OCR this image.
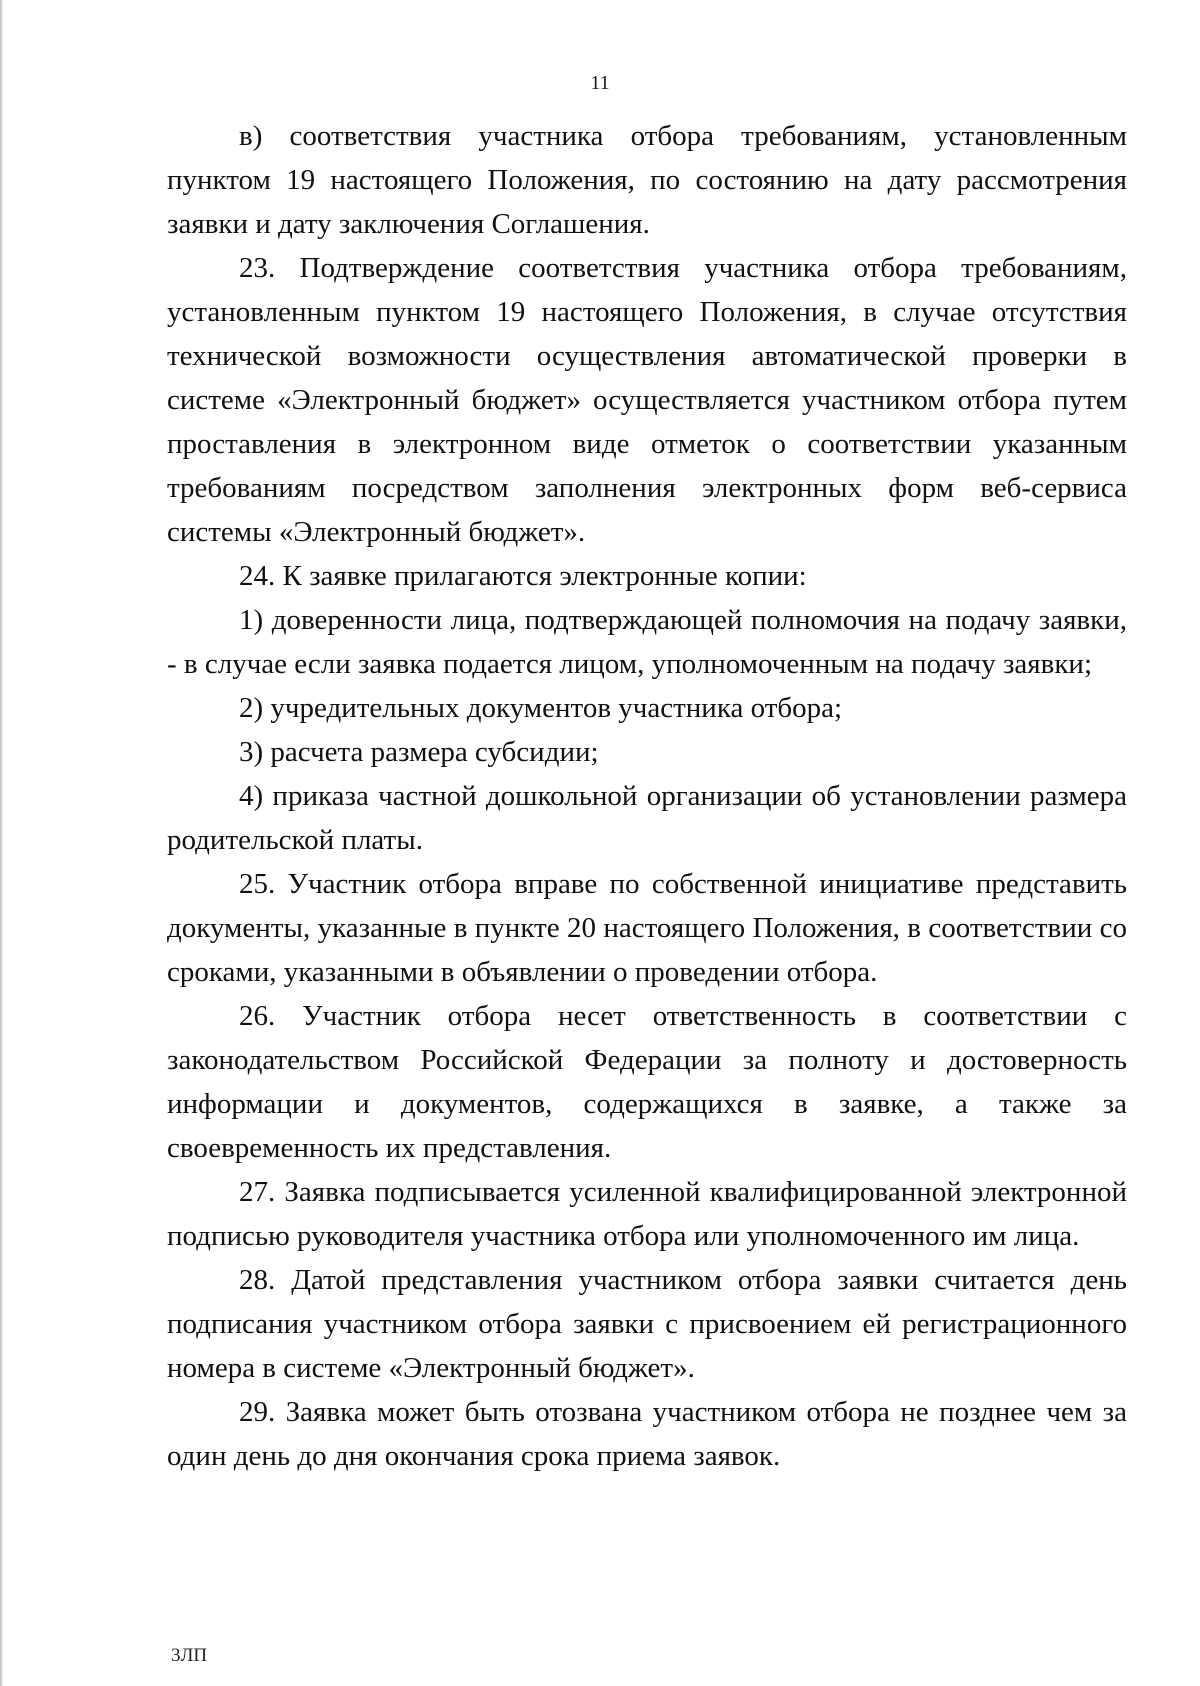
11

в) соответствия участника отбора требованиям, установленным пунктом 19 настоящего Положения, по состоянию на дату рассмотрения заявки и дату заключения Соглашения.

23. Подтверждение соответствия участника отбора требованиям, установленным пунктом 19 настоящего Положения, в случае отсутствия технической возможности осуществления автоматической проверки в системе «Электронный бюджет» осуществляется участником отбора путем проставления в электронном виде отметок о соответствии указанным требованиям посредством заполнения электронных форм веб-сервиса системы «Электронный бюджет».

24. К заявке прилагаются электронные копии:

1) доверенности лица, подтверждающей полномочия на подачу заявки, - в случае если заявка подается лицом, уполномоченным на подачу заявки;

2) учредительных документов участника отбора;

3) расчета размера субсидии;

4) приказа частной дошкольной организации об установлении размера родительской платы.

25. Участник отбора вправе по собственной инициативе представить документы, указанные в пункте 20 настоящего Положения, в соответствии со сроками, указанными в объявлении о проведении отбора.

26. Участник отбора несет ответственность в соответствии с законодательством Российской Федерации за полноту и достоверность информации и документов, содержащихся в заявке, а также за своевременность их представления.

27. Заявка подписывается усиленной квалифицированной электронной подписью руководителя участника отбора или уполномоченного им лица.

28. Датой представления участником отбора заявки считается день подписания участником отбора заявки с присвоением ей регистрационного номера в системе «Электронный бюджет».

29. Заявка может быть отозвана участником отбора не позднее чем за один день до дня окончания срока приема заявок.

3ЛП
